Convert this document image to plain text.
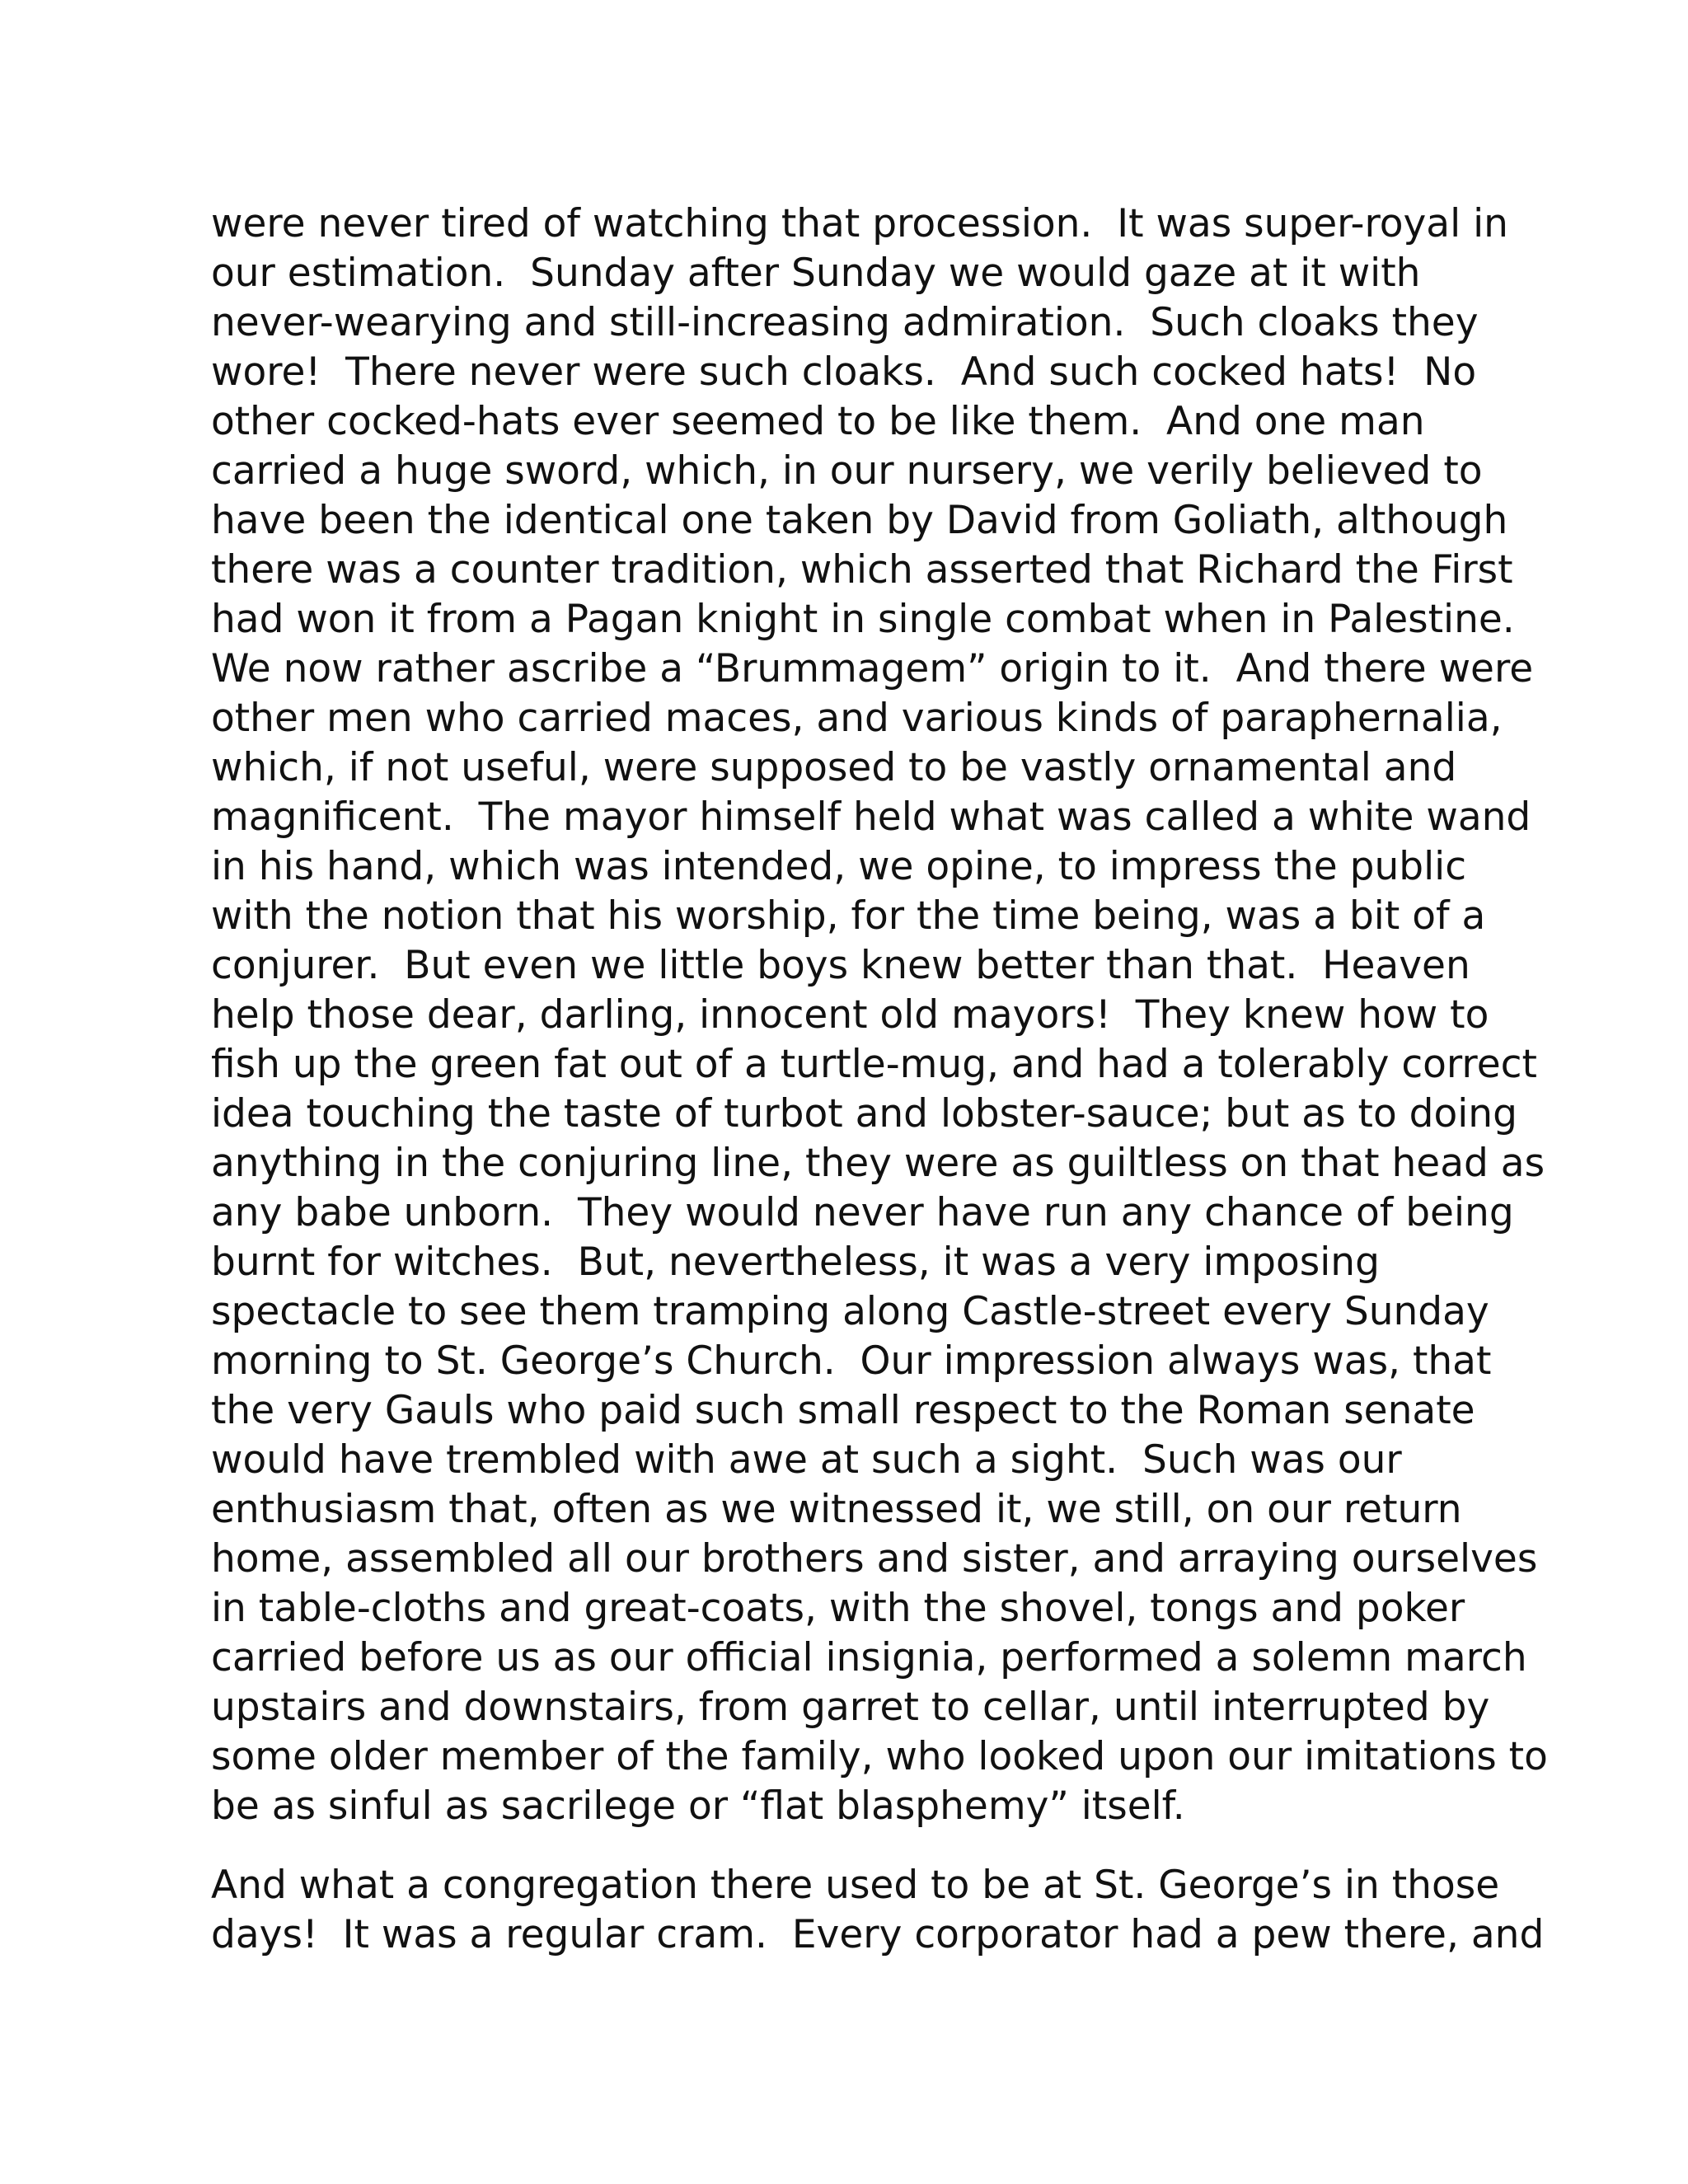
were never tired of watching that procession.  It was super-royal in
our estimation.  Sunday after Sunday we would gaze at it with
never-wearying and still-increasing admiration.  Such cloaks they
wore!  There never were such cloaks.  And such cocked hats!  No
other cocked-hats ever seemed to be like them.  And one man
carried a huge sword, which, in our nursery, we verily believed to
have been the identical one taken by David from Goliath, although
there was a counter tradition, which asserted that Richard the First
had won it from a Pagan knight in single combat when in Palestine.
We now rather ascribe a “Brummagem” origin to it.  And there were
other men who carried maces, and various kinds of paraphernalia,
which, if not useful, were supposed to be vastly ornamental and
magnificent.  The mayor himself held what was called a white wand
in his hand, which was intended, we opine, to impress the public
with the notion that his worship, for the time being, was a bit of a
conjurer.  But even we little boys knew better than that.  Heaven
help those dear, darling, innocent old mayors!  They knew how to
fish up the green fat out of a turtle-mug, and had a tolerably correct
idea touching the taste of turbot and lobster-sauce; but as to doing
anything in the conjuring line, they were as guiltless on that head as
any babe unborn.  They would never have run any chance of being
burnt for witches.  But, nevertheless, it was a very imposing
spectacle to see them tramping along Castle-street every Sunday
morning to St. George’s Church.  Our impression always was, that
the very Gauls who paid such small respect to the Roman senate
would have trembled with awe at such a sight.  Such was our
enthusiasm that, often as we witnessed it, we still, on our return
home, assembled all our brothers and sister, and arraying ourselves
in table-cloths and great-coats, with the shovel, tongs and poker
carried before us as our official insignia, performed a solemn march
upstairs and downstairs, from garret to cellar, until interrupted by
some older member of the family, who looked upon our imitations to
be as sinful as sacrilege or “flat blasphemy” itself.
And what a congregation there used to be at St. George’s in those
days!  It was a regular cram.  Every corporator had a pew there, and
